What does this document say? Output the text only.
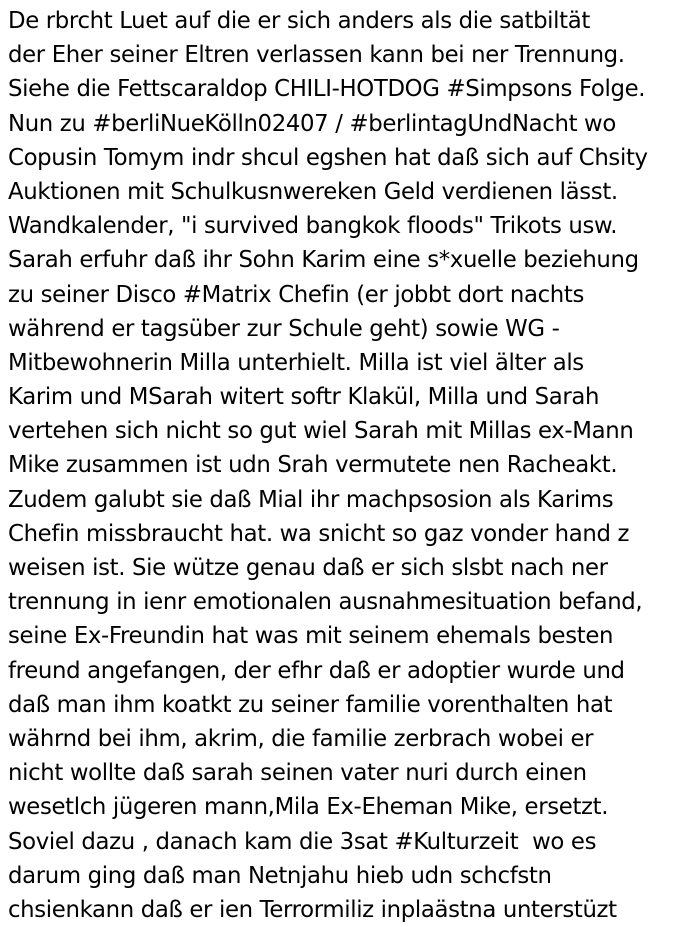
De rbrcht Luet auf die er sich anders als die satbiltät
der Eher seiner Eltren verlassen kann bei ner Trennung.
Siehe die Fettscaraldop CHILI-HOTDOG #Simpsons Folge.
Nun zu #berliNueKölln02407 / #berlintagUndNacht wo
Copusin Tomym indr shcul egshen hat daß sich auf Chsity
Auktionen mit Schulkusnwereken Geld verdienen lässt.
Wandkalender, "i survived bangkok floods" Trikots usw.
Sarah erfuhr daß ihr Sohn Karim eine s*xuelle beziehung
zu seiner Disco #Matrix Chefin (er jobbt dort nachts
während er tagsüber zur Schule geht) sowie WG -
Mitbewohnerin Milla unterhielt. Milla ist viel älter als
Karim und MSarah witert softr Klakül, Milla und Sarah
vertehen sich nicht so gut wiel Sarah mit Millas ex-Mann
Mike zusammen ist udn Srah vermutete nen Racheakt.
Zudem galubt sie daß Mial ihr machpsosion als Karims
Chefin missbraucht hat. wa snicht so gaz vonder hand z
weisen ist. Sie wütze genau daß er sich slsbt nach ner
trennung in ienr emotionalen ausnahmesituation befand,
seine Ex-Freundin hat was mit seinem ehemals besten
freund angefangen, der efhr daß er adoptier wurde und
daß man ihm koatkt zu seiner familie vorenthalten hat
währnd bei ihm, akrim, die familie zerbrach wobei er
nicht wollte daß sarah seinen vater nuri durch einen
wesetlch jügeren mann,Mila Ex-Eheman Mike, ersetzt.
Soviel dazu , danach kam die 3sat #Kulturzeit  wo es
darum ging daß man Netnjahu hieb udn schcfstn
chsienkann daß er ien Terrormiliz inplaästna unterstüzt
